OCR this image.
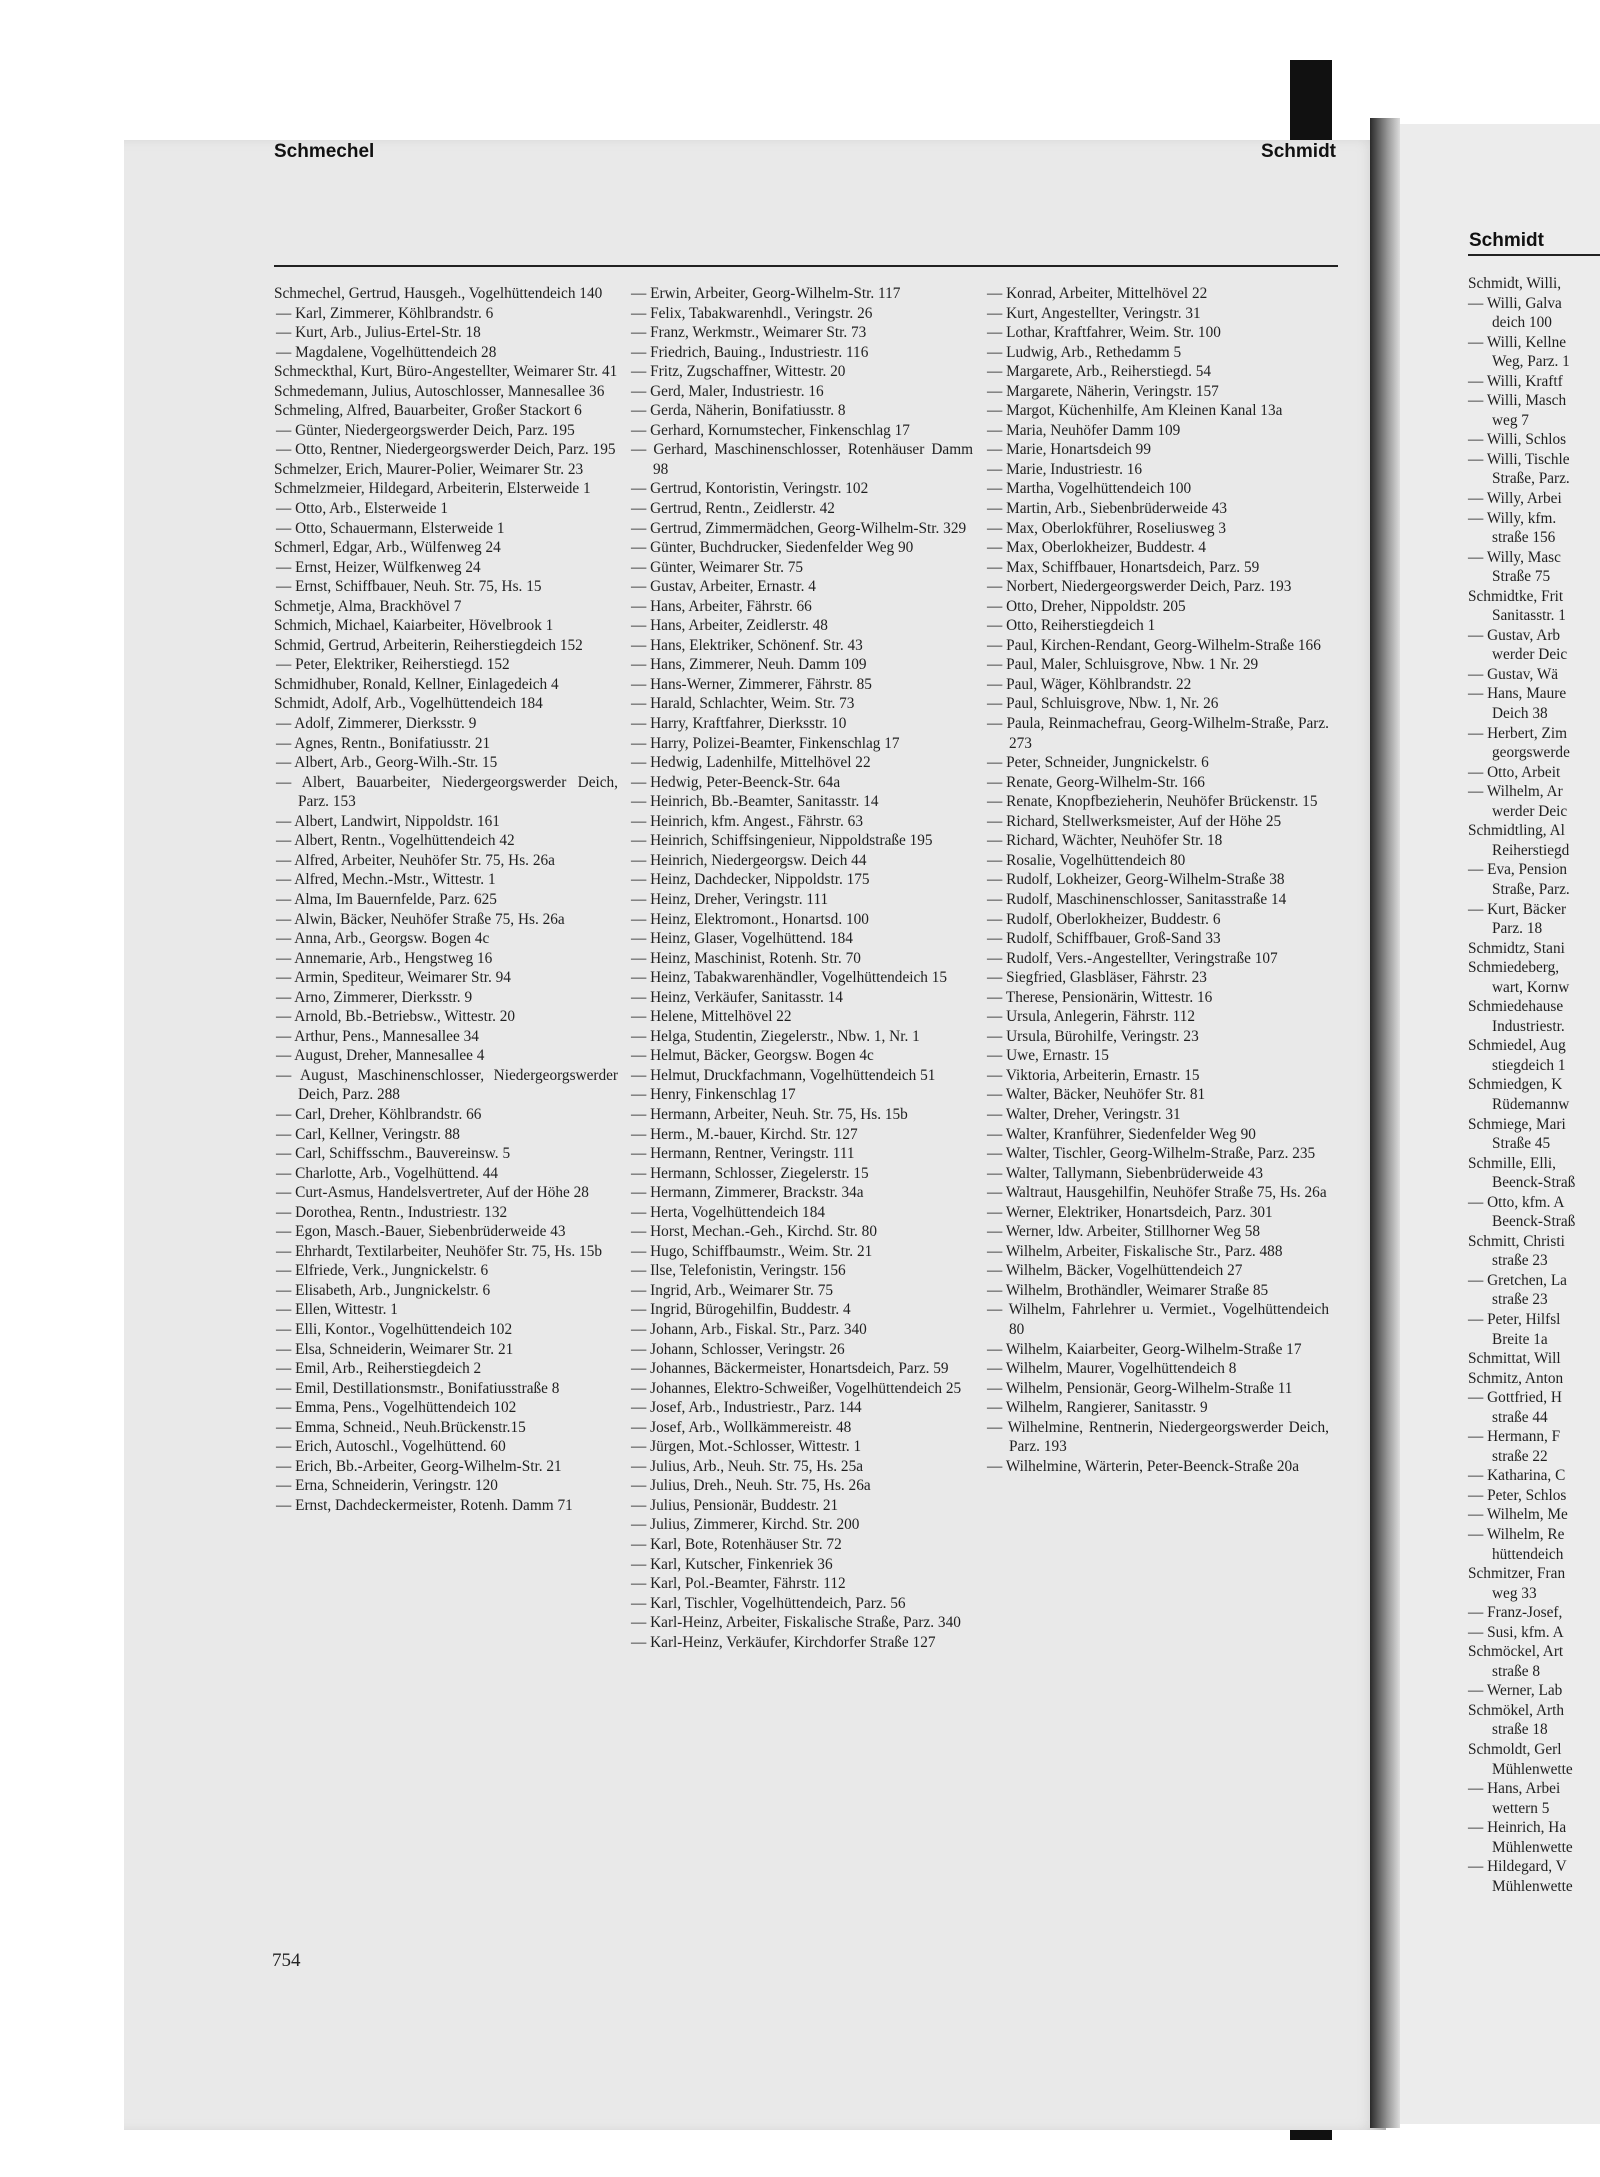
Schmechel	Schmidt

Schmechel, Gertrud, Hausgeh., Vogelhüttendeich 140

— Karl, Zimmerer, Köhlbrandstr. 6

— Kurt, Arb., Julius-Ertel-Str. 18

— Magdalene, Vogelhüttendeich 28

Schmeckthal, Kurt, Büro-Angestellter, Weimarer Str. 41

Schmedemann, Julius, Autoschlosser, Mannesallee 36

Schmeling, Alfred, Bauarbeiter, Großer Stackort 6

— Günter, Niedergeorgswerder Deich, Parz. 195

— Otto, Rentner, Niedergeorgswerder Deich, Parz. 195

Schmelzer, Erich, Maurer-Polier, Weimarer Str. 23

Schmelzmeier, Hildegard, Arbeiterin, Elsterweide 1

— Otto, Arb., Elsterweide 1

— Otto, Schauermann, Elsterweide 1

Schmerl, Edgar, Arb., Wülfenweg 24

— Ernst, Heizer, Wülfkenweg 24

— Ernst, Schiffbauer, Neuh. Str. 75, Hs. 15

Schmetje, Alma, Brackhövel 7

Schmich, Michael, Kaiarbeiter, Hövelbrook 1

Schmid, Gertrud, Arbeiterin, Reiherstiegdeich 152

— Peter, Elektriker, Reiherstiegd. 152

Schmidhuber, Ronald, Kellner, Einlagedeich 4

Schmidt, Adolf, Arb., Vogelhüttendeich 184

— Adolf, Zimmerer, Dierksstr. 9

— Agnes, Rentn., Bonifatiusstr. 21

— Albert, Arb., Georg-Wilh.-Str. 15

— Albert, Bauarbeiter, Niedergeorgswerder Deich, Parz. 153

— Albert, Landwirt, Nippoldstr. 161

— Albert, Rentn., Vogelhüttendeich 42

— Alfred, Arbeiter, Neuhöfer Str. 75, Hs. 26a

— Alfred, Mechn.-Mstr., Wittestr. 1

— Alma, Im Bauernfelde, Parz. 625

— Alwin, Bäcker, Neuhöfer Straße 75, Hs. 26a

— Anna, Arb., Georgsw. Bogen 4c

— Annemarie, Arb., Hengstweg 16

— Armin, Spediteur, Weimarer Str. 94

— Arno, Zimmerer, Dierksstr. 9

— Arnold, Bb.-Betriebsw., Wittestr. 20

— Arthur, Pens., Mannesallee 34

— August, Dreher, Mannesallee 4

— August, Maschinenschlosser, Niedergeorgswerder Deich, Parz. 288

— Carl, Dreher, Köhlbrandstr. 66

— Carl, Kellner, Veringstr. 88

— Carl, Schiffsschm., Bauvereinsw. 5

— Charlotte, Arb., Vogelhüttend. 44

— Curt-Asmus, Handelsvertreter, Auf der Höhe 28

— Dorothea, Rentn., Industriestr. 132

— Egon, Masch.-Bauer, Siebenbrüderweide 43

— Ehrhardt, Textilarbeiter, Neuhöfer Str. 75, Hs. 15b

— Elfriede, Verk., Jungnickelstr. 6

— Elisabeth, Arb., Jungnickelstr. 6

— Ellen, Wittestr. 1

— Elli, Kontor., Vogelhüttendeich 102

— Elsa, Schneiderin, Weimarer Str. 21

— Emil, Arb., Reiherstiegdeich 2

— Emil, Destillationsmstr., Bonifatiusstraße 8

— Emma, Pens., Vogelhüttendeich 102

— Emma, Schneid., Neuh.Brückenstr.15

— Erich, Autoschl., Vogelhüttend. 60

— Erich, Bb.-Arbeiter, Georg-Wilhelm-Str. 21

— Erna, Schneiderin, Veringstr. 120

— Ernst, Dachdeckermeister, Rotenh. Damm 71

— Erwin, Arbeiter, Georg-Wilhelm-Str. 117

— Felix, Tabakwarenhdl., Veringstr. 26

— Franz, Werkmstr., Weimarer Str. 73

— Friedrich, Bauing., Industriestr. 116

— Fritz, Zugschaffner, Wittestr. 20

— Gerd, Maler, Industriestr. 16

— Gerda, Näherin, Bonifatiusstr. 8

— Gerhard, Kornumstecher, Finkenschlag 17

— Gerhard, Maschinenschlosser, Rotenhäuser Damm 98

— Gertrud, Kontoristin, Veringstr. 102

— Gertrud, Rentn., Zeidlerstr. 42

— Gertrud, Zimmermädchen, Georg-Wilhelm-Str. 329

— Günter, Buchdrucker, Siedenfelder Weg 90

— Günter, Weimarer Str. 75

— Gustav, Arbeiter, Ernastr. 4

— Hans, Arbeiter, Fährstr. 66

— Hans, Arbeiter, Zeidlerstr. 48

— Hans, Elektriker, Schönenf. Str. 43

— Hans, Zimmerer, Neuh. Damm 109

— Hans-Werner, Zimmerer, Fährstr. 85

— Harald, Schlachter, Weim. Str. 73

— Harry, Kraftfahrer, Dierksstr. 10

— Harry, Polizei-Beamter, Finkenschlag 17

— Hedwig, Ladenhilfe, Mittelhövel 22

— Hedwig, Peter-Beenck-Str. 64a

— Heinrich, Bb.-Beamter, Sanitasstr. 14

— Heinrich, kfm. Angest., Fährstr. 63

— Heinrich, Schiffsingenieur, Nippoldstraße 195

— Heinrich, Niedergeorgsw. Deich 44

— Heinz, Dachdecker, Nippoldstr. 175

— Heinz, Dreher, Veringstr. 111

— Heinz, Elektromont., Honartsd. 100

— Heinz, Glaser, Vogelhüttend. 184

— Heinz, Maschinist, Rotenh. Str. 70

— Heinz, Tabakwarenhändler, Vogelhüttendeich 15

— Heinz, Verkäufer, Sanitasstr. 14

— Helene, Mittelhövel 22

— Helga, Studentin, Ziegelerstr., Nbw. 1, Nr. 1

— Helmut, Bäcker, Georgsw. Bogen 4c

— Helmut, Druckfachmann, Vogelhüttendeich 51

— Henry, Finkenschlag 17

— Hermann, Arbeiter, Neuh. Str. 75, Hs. 15b

— Herm., M.-bauer, Kirchd. Str. 127

— Hermann, Rentner, Veringstr. 111

— Hermann, Schlosser, Ziegelerstr. 15

— Hermann, Zimmerer, Brackstr. 34a

— Herta, Vogelhüttendeich 184

— Horst, Mechan.-Geh., Kirchd. Str. 80

— Hugo, Schiffbaumstr., Weim. Str. 21

— Ilse, Telefonistin, Veringstr. 156

— Ingrid, Arb., Weimarer Str. 75

— Ingrid, Bürogehilfin, Buddestr. 4

— Johann, Arb., Fiskal. Str., Parz. 340

— Johann, Schlosser, Veringstr. 26

— Johannes, Bäckermeister, Honartsdeich, Parz. 59

— Johannes, Elektro-Schweißer, Vogelhüttendeich 25

— Josef, Arb., Industriestr., Parz. 144

— Josef, Arb., Wollkämmereistr. 48

— Jürgen, Mot.-Schlosser, Wittestr. 1

— Julius, Arb., Neuh. Str. 75, Hs. 25a

— Julius, Dreh., Neuh. Str. 75, Hs. 26a

— Julius, Pensionär, Buddestr. 21

— Julius, Zimmerer, Kirchd. Str. 200

— Karl, Bote, Rotenhäuser Str. 72

— Karl, Kutscher, Finkenriek 36

— Karl, Pol.-Beamter, Fährstr. 112

— Karl, Tischler, Vogelhüttendeich, Parz. 56

— Karl-Heinz, Arbeiter, Fiskalische Straße, Parz. 340

— Karl-Heinz, Verkäufer, Kirchdorfer Straße 127

— Konrad, Arbeiter, Mittelhövel 22

— Kurt, Angestellter, Veringstr. 31

— Lothar, Kraftfahrer, Weim. Str. 100

— Ludwig, Arb., Rethedamm 5

— Margarete, Arb., Reiherstiegd. 54

— Margarete, Näherin, Veringstr. 157

— Margot, Küchenhilfe, Am Kleinen Kanal 13a

— Maria, Neuhöfer Damm 109

— Marie, Honartsdeich 99

— Marie, Industriestr. 16

— Martha, Vogelhüttendeich 100

— Martin, Arb., Siebenbrüderweide 43

— Max, Oberlokführer, Roseliusweg 3

— Max, Oberlokheizer, Buddestr. 4

— Max, Schiffbauer, Honartsdeich, Parz. 59

— Norbert, Niedergeorgswerder Deich, Parz. 193

— Otto, Dreher, Nippoldstr. 205

— Otto, Reiherstiegdeich 1

— Paul, Kirchen-Rendant, Georg-Wilhelm-Straße 166

— Paul, Maler, Schluisgrove, Nbw. 1 Nr. 29

— Paul, Wäger, Köhlbrandstr. 22

— Paul, Schluisgrove, Nbw. 1, Nr. 26

— Paula, Reinmachefrau, Georg-Wilhelm-Straße, Parz. 273

— Peter, Schneider, Jungnickelstr. 6

— Renate, Georg-Wilhelm-Str. 166

— Renate, Knopfbezieherin, Neuhöfer Brückenstr. 15

— Richard, Stellwerksmeister, Auf der Höhe 25

— Richard, Wächter, Neuhöfer Str. 18

— Rosalie, Vogelhüttendeich 80

— Rudolf, Lokheizer, Georg-Wilhelm-Straße 38

— Rudolf, Maschinenschlosser, Sanitasstraße 14

— Rudolf, Oberlokheizer, Buddestr. 6

— Rudolf, Schiffbauer, Groß-Sand 33

— Rudolf, Vers.-Angestellter, Veringstraße 107

— Siegfried, Glasbläser, Fährstr. 23

— Therese, Pensionärin, Wittestr. 16

— Ursula, Anlegerin, Fährstr. 112

— Ursula, Bürohilfe, Veringstr. 23

— Uwe, Ernastr. 15

— Viktoria, Arbeiterin, Ernastr. 15

— Walter, Bäcker, Neuhöfer Str. 81

— Walter, Dreher, Veringstr. 31

— Walter, Kranführer, Siedenfelder Weg 90

— Walter, Tischler, Georg-Wilhelm-Straße, Parz. 235

— Walter, Tallymann, Siebenbrüderweide 43

— Waltraut, Hausgehilfin, Neuhöfer Straße 75, Hs. 26a

— Werner, Elektriker, Honartsdeich, Parz. 301

— Werner, ldw. Arbeiter, Stillhorner Weg 58

— Wilhelm, Arbeiter, Fiskalische Str., Parz. 488

— Wilhelm, Bäcker, Vogelhüttendeich 27

— Wilhelm, Brothändler, Weimarer Straße 85

— Wilhelm, Fahrlehrer u. Vermiet., Vogelhüttendeich 80

— Wilhelm, Kaiarbeiter, Georg-Wilhelm-Straße 17

— Wilhelm, Maurer, Vogelhüttendeich 8

— Wilhelm, Pensionär, Georg-Wilhelm-Straße 11

— Wilhelm, Rangierer, Sanitasstr. 9

— Wilhelmine, Rentnerin, Niedergeorgswerder Deich, Parz. 193

— Wilhelmine, Wärterin, Peter-Beenck-Straße 20a

754
Schmidt
Schmidt, Willi,
— Willi, Galva
deich 100
— Willi, Kellne
Weg, Parz. 1
— Willi, Kraftf
— Willi, Masch
weg 7
— Willi, Schlos
— Willi, Tischle
Straße, Parz.
— Willy, Arbei
— Willy, kfm.
straße 156
— Willy, Masc
Straße 75
Schmidtke, Frit
Sanitasstr. 1
— Gustav, Arb
werder Deic
— Gustav, Wä
— Hans, Maure
Deich 38
— Herbert, Zim
georgswerde
— Otto, Arbeit
— Wilhelm, Ar
werder Deic
Schmidtling, Al
Reiherstiegd
— Eva, Pension
Straße, Parz.
— Kurt, Bäcker
Parz. 18
Schmidtz, Stani
Schmiedeberg,
wart, Kornw
Schmiedehause
Industriestr.
Schmiedel, Aug
stiegdeich 1
Schmiedgen, K
Rüdemannw
Schmiege, Mari
Straße 45
Schmille, Elli,
Beenck-Straß
— Otto, kfm. A
Beenck-Straß
Schmitt, Christi
straße 23
— Gretchen, La
straße 23
— Peter, Hilfsl
Breite 1a
Schmittat, Will
Schmitz, Anton
— Gottfried, H
straße 44
— Hermann, F
straße 22
— Katharina, C
— Peter, Schlos
— Wilhelm, Me
— Wilhelm, Re
hüttendeich
Schmitzer, Fran
weg 33
— Franz-Josef,
— Susi, kfm. A
Schmöckel, Art
straße 8
— Werner, Lab
Schmökel, Arth
straße 18
Schmoldt, Gerl
Mühlenwette
— Hans, Arbei
wettern 5
— Heinrich, Ha
Mühlenwette
— Hildegard, V
Mühlenwette
